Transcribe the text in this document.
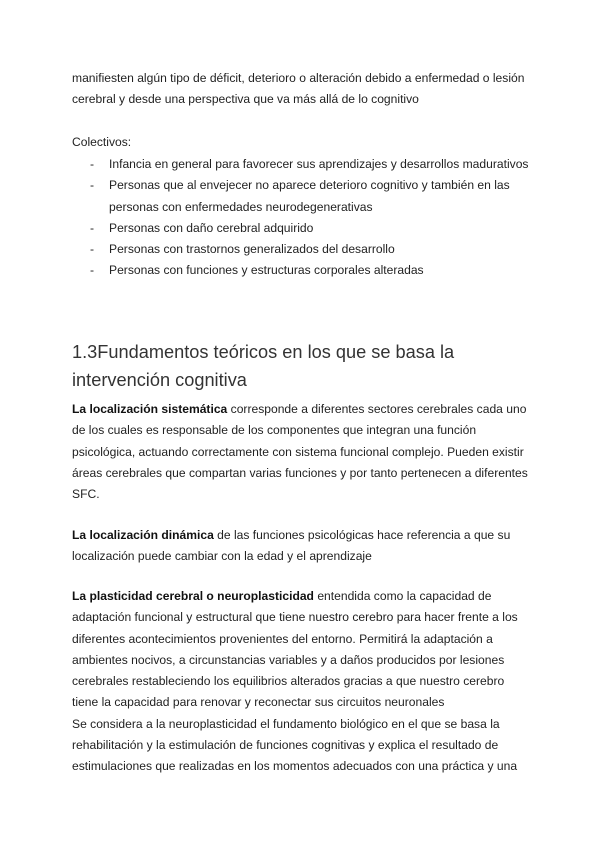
manifiesten algún tipo de déficit, deterioro o alteración debido a enfermedad o lesión
cerebral y desde una perspectiva que va más allá de lo cognitivo

Colectivos:

- Infancia en general para favorecer sus aprendizajes y desarrollos madurativos
- Personas que al envejecer no aparece deterioro cognitivo y también en las personas con enfermedades neurodegenerativas
- Personas con daño cerebral adquirido
- Personas con trastornos generalizados del desarrollo
- Personas con funciones y estructuras corporales alteradas
1.3Fundamentos teóricos en los que se basa la intervención cognitiva

La localización sistemática corresponde a diferentes sectores cerebrales cada uno de los cuales es responsable de los componentes que integran una función psicológica, actuando correctamente con sistema funcional complejo. Pueden existir áreas cerebrales que compartan varias funciones y por tanto pertenecen a diferentes SFC.

La localización dinámica de las funciones psicológicas hace referencia a que su localización puede cambiar con la edad y el aprendizaje

La plasticidad cerebral o neuroplasticidad entendida como la capacidad de adaptación funcional y estructural que tiene nuestro cerebro para hacer frente a los diferentes acontecimientos provenientes del entorno. Permitirá la adaptación a ambientes nocivos, a circunstancias variables y a daños producidos por lesiones cerebrales restableciendo los equilibrios alterados gracias a que nuestro cerebro tiene la capacidad para renovar y reconectar sus circuitos neuronales
Se considera a la neuroplasticidad el fundamento biológico en el que se basa la rehabilitación y la estimulación de funciones cognitivas y explica el resultado de estimulaciones que realizadas en los momentos adecuados con una práctica y una
